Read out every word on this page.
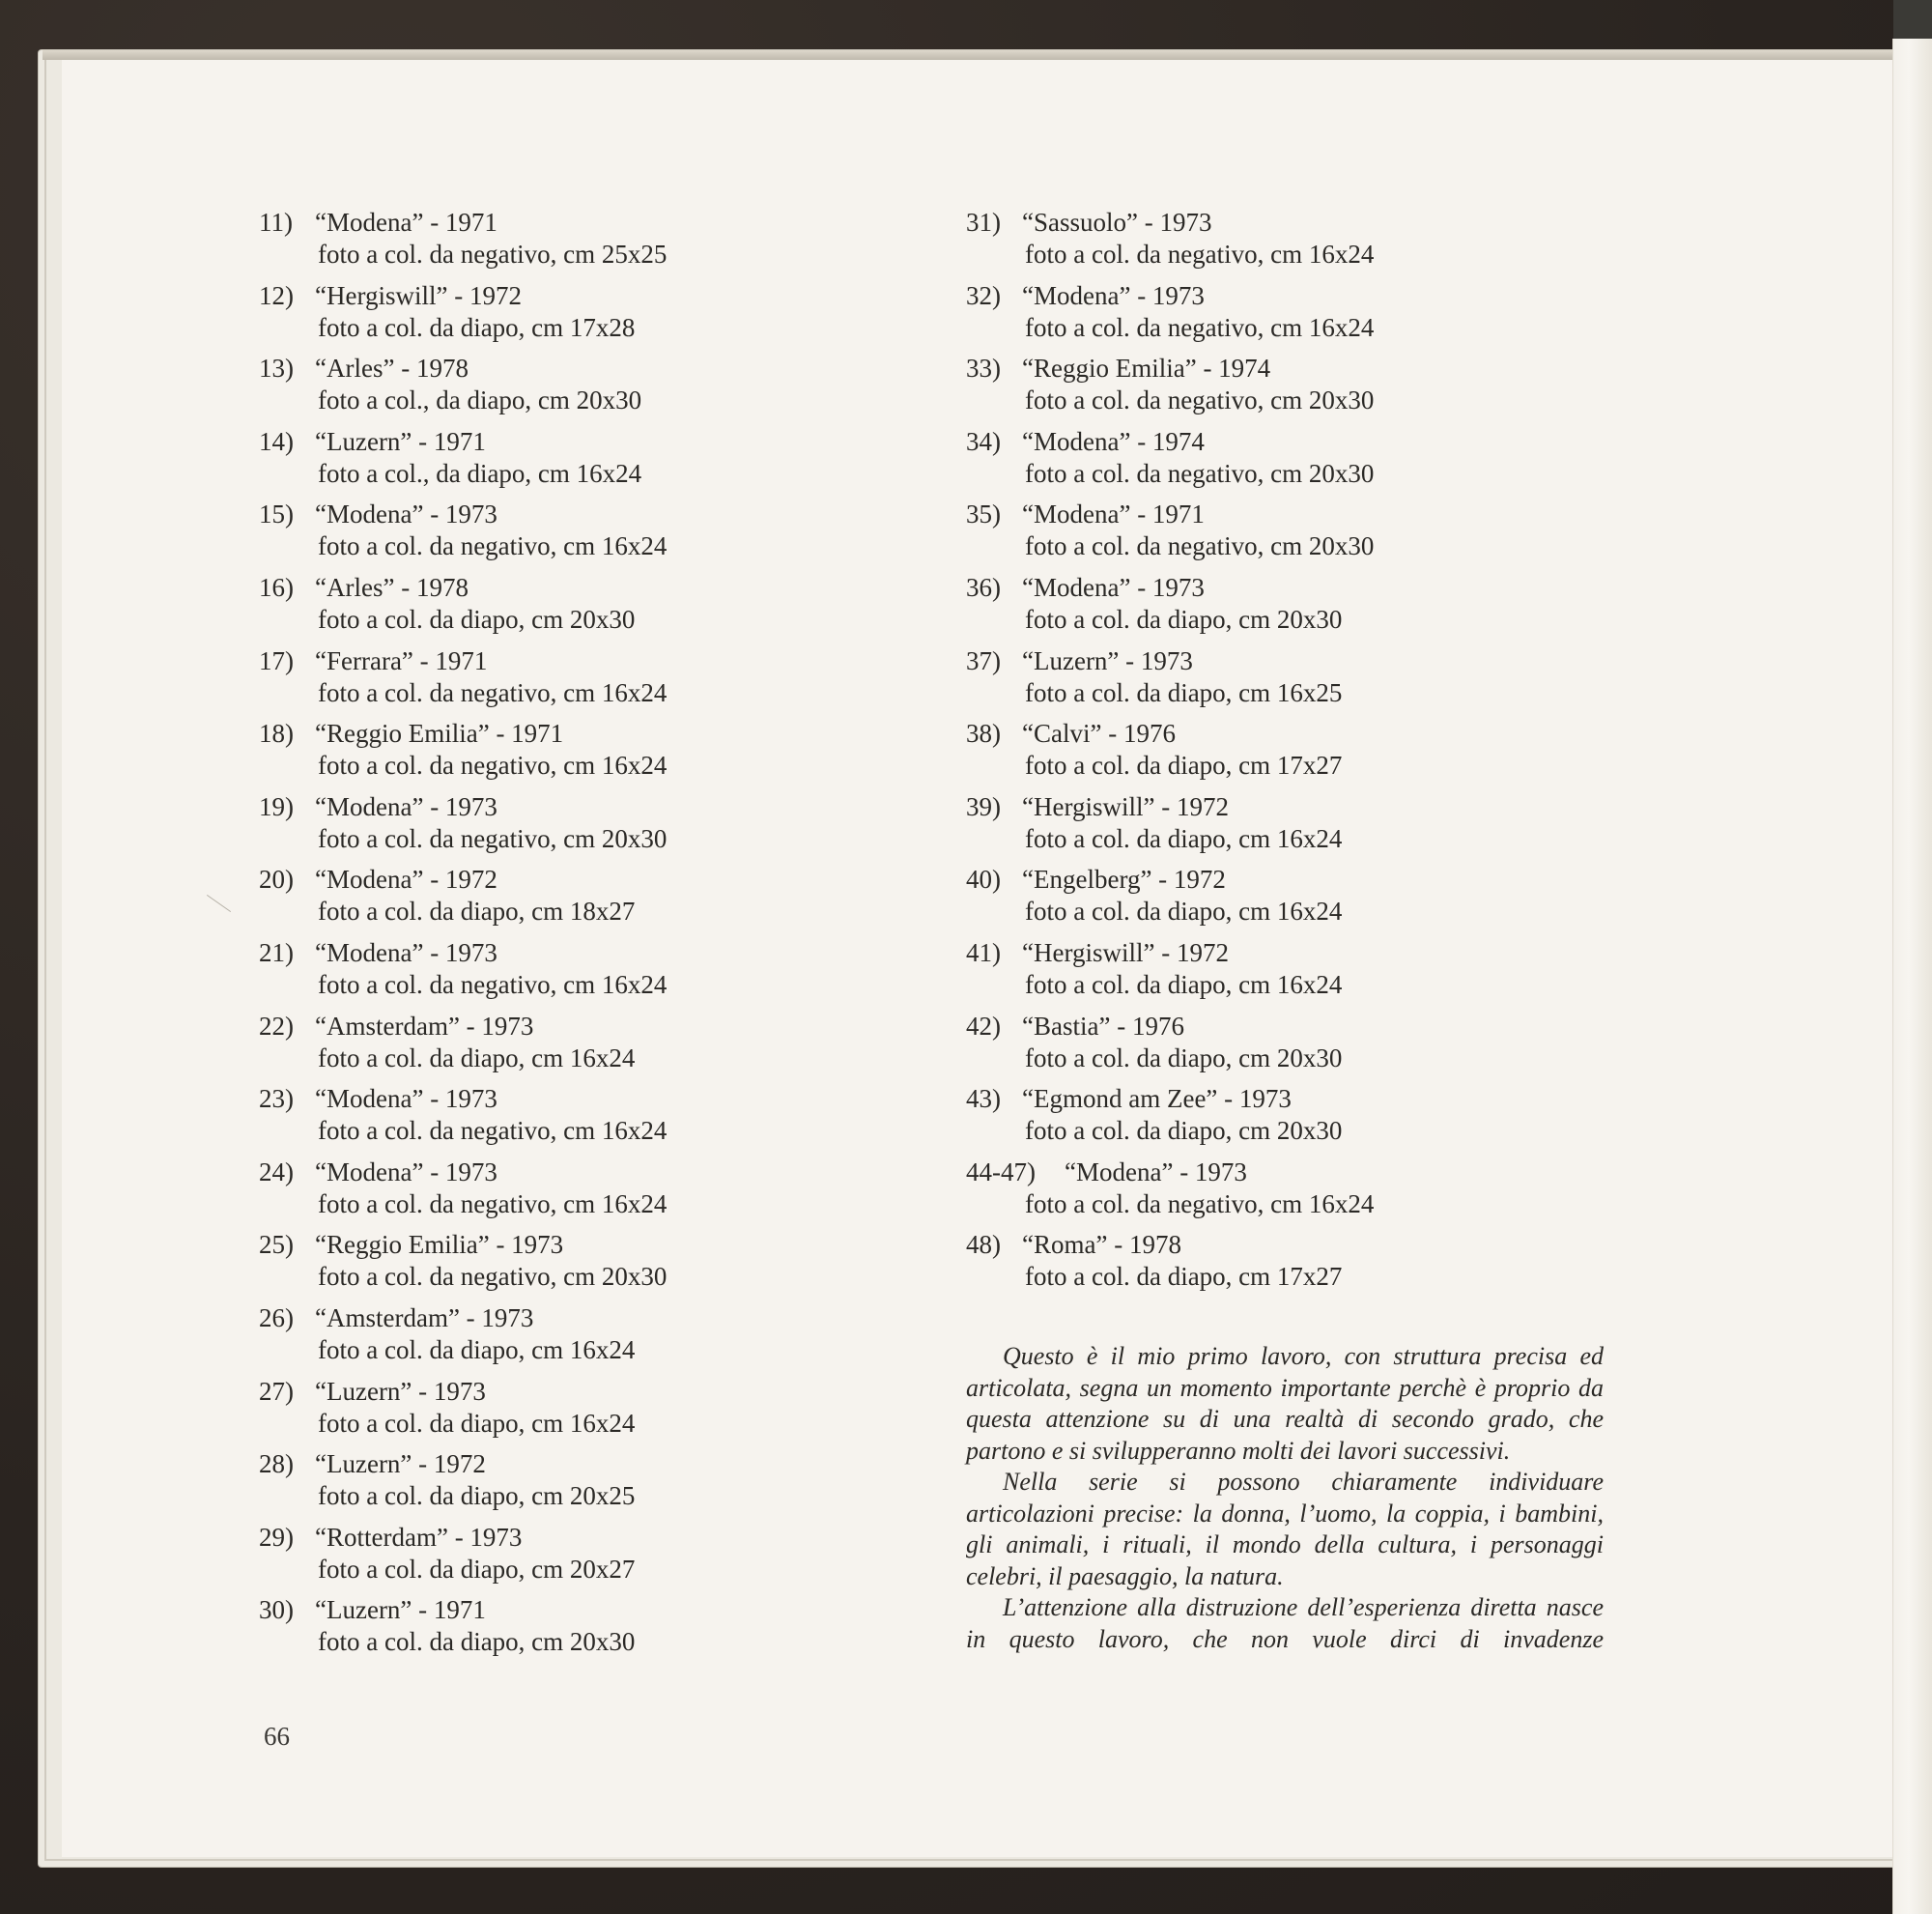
11) “Modena” - 1971
foto a col. da negativo, cm 25x25
12) “Hergiswill” - 1972
foto a col. da diapo, cm 17x28
13) “Arles” - 1978
foto a col., da diapo, cm 20x30
14) “Luzern” - 1971
foto a col., da diapo, cm 16x24
15) “Modena” - 1973
foto a col. da negativo, cm 16x24
16) “Arles” - 1978
foto a col. da diapo, cm 20x30
17) “Ferrara” - 1971
foto a col. da negativo, cm 16x24
18) “Reggio Emilia” - 1971
foto a col. da negativo, cm 16x24
19) “Modena” - 1973
foto a col. da negativo, cm 20x30
20) “Modena” - 1972
foto a col. da diapo, cm 18x27
21) “Modena” - 1973
foto a col. da negativo, cm 16x24
22) “Amsterdam” - 1973
foto a col. da diapo, cm 16x24
23) “Modena” - 1973
foto a col. da negativo, cm 16x24
24) “Modena” - 1973
foto a col. da negativo, cm 16x24
25) “Reggio Emilia” - 1973
foto a col. da negativo, cm 20x30
26) “Amsterdam” - 1973
foto a col. da diapo, cm 16x24
27) “Luzern” - 1973
foto a col. da diapo, cm 16x24
28) “Luzern” - 1972
foto a col. da diapo, cm 20x25
29) “Rotterdam” - 1973
foto a col. da diapo, cm 20x27
30) “Luzern” - 1971
foto a col. da diapo, cm 20x30
31) “Sassuolo” - 1973
foto a col. da negativo, cm 16x24
32) “Modena” - 1973
foto a col. da negativo, cm 16x24
33) “Reggio Emilia” - 1974
foto a col. da negativo, cm 20x30
34) “Modena” - 1974
foto a col. da negativo, cm 20x30
35) “Modena” - 1971
foto a col. da negativo, cm 20x30
36) “Modena” - 1973
foto a col. da diapo, cm 20x30
37) “Luzern” - 1973
foto a col. da diapo, cm 16x25
38) “Calvi” - 1976
foto a col. da diapo, cm 17x27
39) “Hergiswill” - 1972
foto a col. da diapo, cm 16x24
40) “Engelberg” - 1972
foto a col. da diapo, cm 16x24
41) “Hergiswill” - 1972
foto a col. da diapo, cm 16x24
42) “Bastia” - 1976
foto a col. da diapo, cm 20x30
43) “Egmond am Zee” - 1973
foto a col. da diapo, cm 20x30
44-47) “Modena” - 1973
foto a col. da negativo, cm 16x24
48) “Roma” - 1978
foto a col. da diapo, cm 17x27

Questo è il mio primo lavoro, con struttura precisa ed articolata, segna un momento importante perchè è proprio da questa attenzione su di una realtà di secondo grado, che partono e si svilupperanno molti dei lavori successivi.

Nella serie si possono chiaramente individuare articolazioni precise: la donna, l’uomo, la coppia, i bambini, gli animali, i rituali, il mondo della cultura, i personaggi celebri, il paesaggio, la natura.

L’attenzione alla distruzione dell’esperienza diretta nasce in questo lavoro, che non vuole dirci di invadenze

66
